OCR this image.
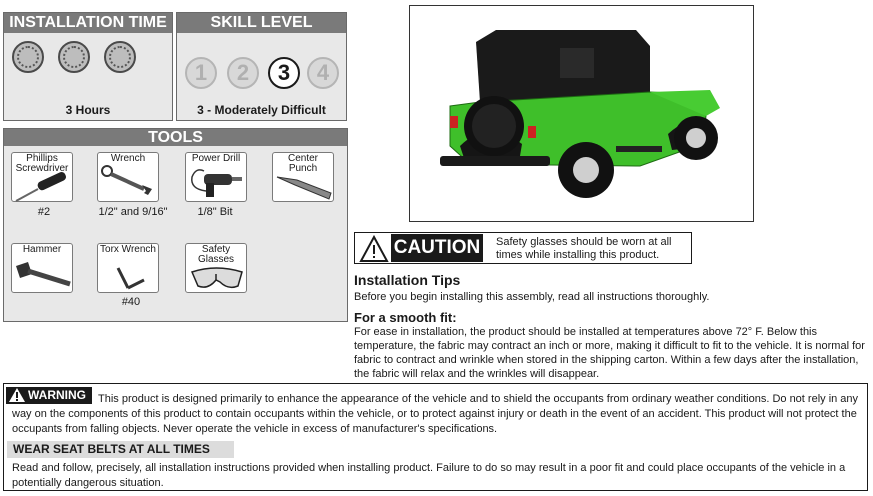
INSTALLATION TIME
3 Hours
SKILL LEVEL
1	2	3	4
3 - Moderately Difficult
TOOLS
Phillips Screwdriver
#2
Wrench
1/2" and 9/16"
Power Drill
1/8" Bit
Center Punch
Hammer	Torx Wrench
#40
Safety Glasses
CAUTION Safety glasses should be worn at all times while installing this product.
Installation Tips
Before you begin installing this assembly, read all instructions thoroughly.
For a smooth fit:
For ease in installation, the product should be installed at temperatures above 72° F. Below this temperature, the fabric may contract an inch or more, making it difficult to fit to the vehicle. It is normal for fabric to contract and wrinkle when stored in the shipping carton. Within a few days after the installation, the fabric will relax and the wrinkles will disappear.
WARNING	This product is designed primarily to enhance the appearance of the vehicle and to shield the occupants from ordinary weather conditions. Do not rely in any way on the components of this product to contain occupants within the vehicle, or to protect against injury or death in the event of an accident. This product will not protect the occupants from falling objects. Never operate the vehicle in excess of manufacturer's specifications.
WEAR SEAT BELTS AT ALL TIMES
Read and follow, precisely, all installation instructions provided when installing product. Failure to do so may result in a poor fit and could place occupants of the vehicle in a potentially dangerous situation.
